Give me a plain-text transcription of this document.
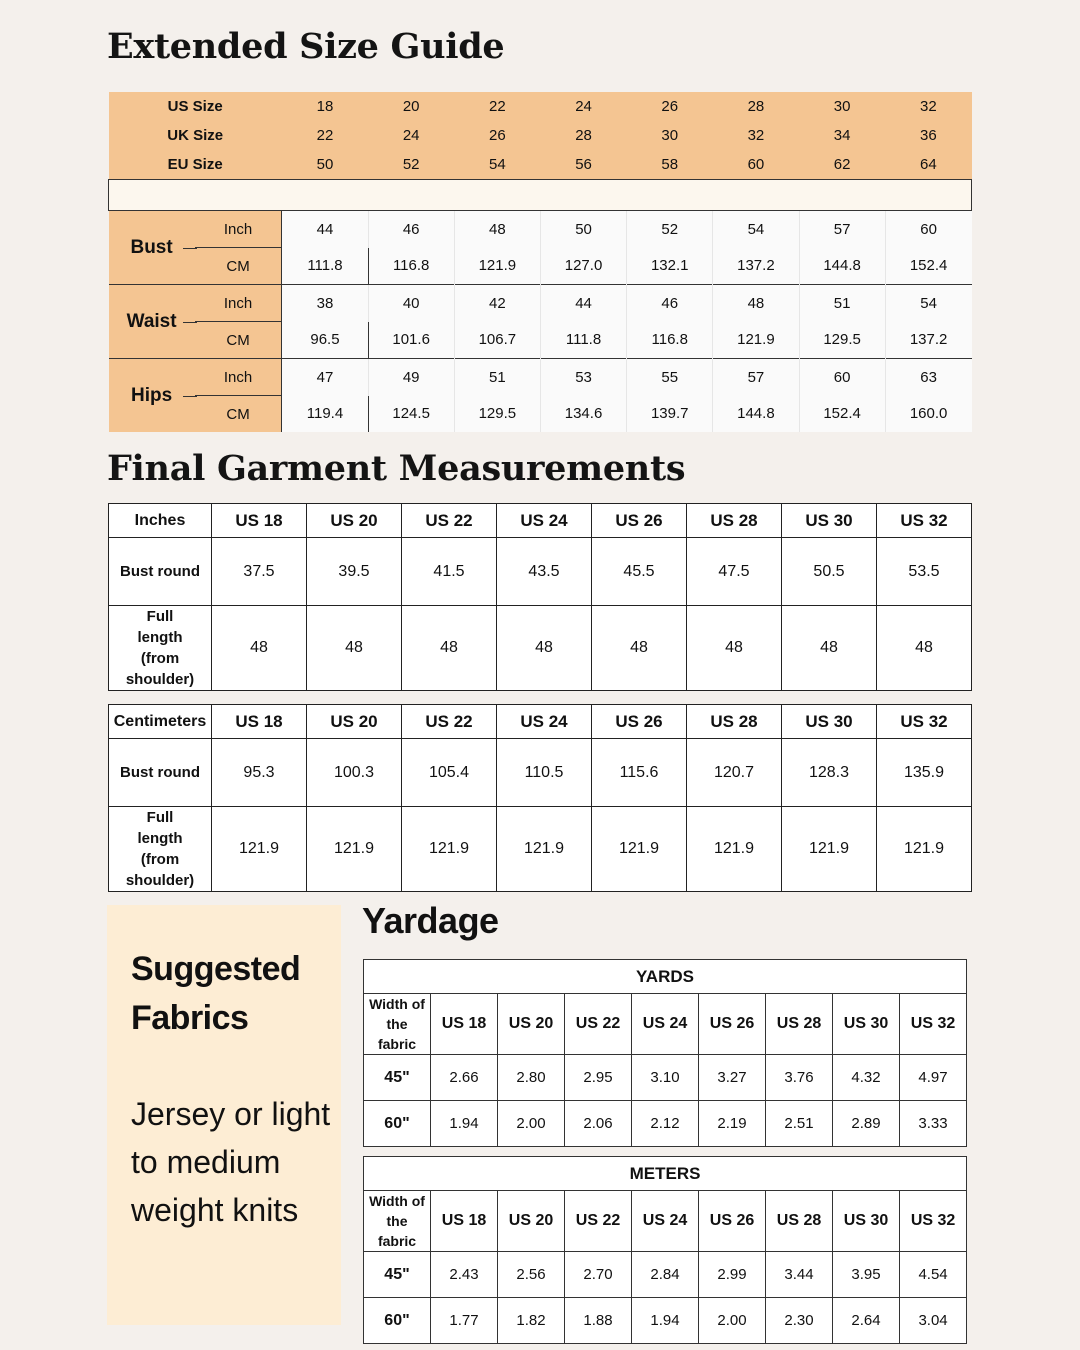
Extended Size Guide
US Size		18	20	22	24	26	28	30	32
UK Size		22	24	26	28	30	32	34	36
EU Size		50	52	54	56	58	60	62	64

Bust	Inch	44	46	48	50	52	54	57	60
	CM	111.8	116.8	121.9	127.0	132.1	137.2	144.8	152.4
Waist	Inch	38	40	42	44	46	48	51	54
	CM	96.5	101.6	106.7	111.8	116.8	121.9	129.5	137.2
Hips	Inch	47	49	51	53	55	57	60	63
	CM	119.4	124.5	129.5	134.6	139.7	144.8	152.4	160.0
Final Garment Measurements
Inches	US 18	US 20	US 22	US 24	US 26	US 28	US 30	US 32
Bust round	37.5	39.5	41.5	43.5	45.5	47.5	50.5	53.5
Full length (from shoulder)	48	48	48	48	48	48	48	48
Centimeters	US 18	US 20	US 22	US 24	US 26	US 28	US 30	US 32
Bust round	95.3	100.3	105.4	110.5	115.6	120.7	128.3	135.9
Full length (from shoulder)	121.9	121.9	121.9	121.9	121.9	121.9	121.9	121.9
Suggested Fabrics

Jersey or light to medium weight knits

Yardage
YARDS								
Width of the fabric	US 18	US 20	US 22	US 24	US 26	US 28	US 30	US 32
45"	2.66	2.80	2.95	3.10	3.27	3.76	4.32	4.97
60"	1.94	2.00	2.06	2.12	2.19	2.51	2.89	3.33
METERS								
Width of the fabric	US 18	US 20	US 22	US 24	US 26	US 28	US 30	US 32
45"	2.43	2.56	2.70	2.84	2.99	3.44	3.95	4.54
60"	1.77	1.82	1.88	1.94	2.00	2.30	2.64	3.04
